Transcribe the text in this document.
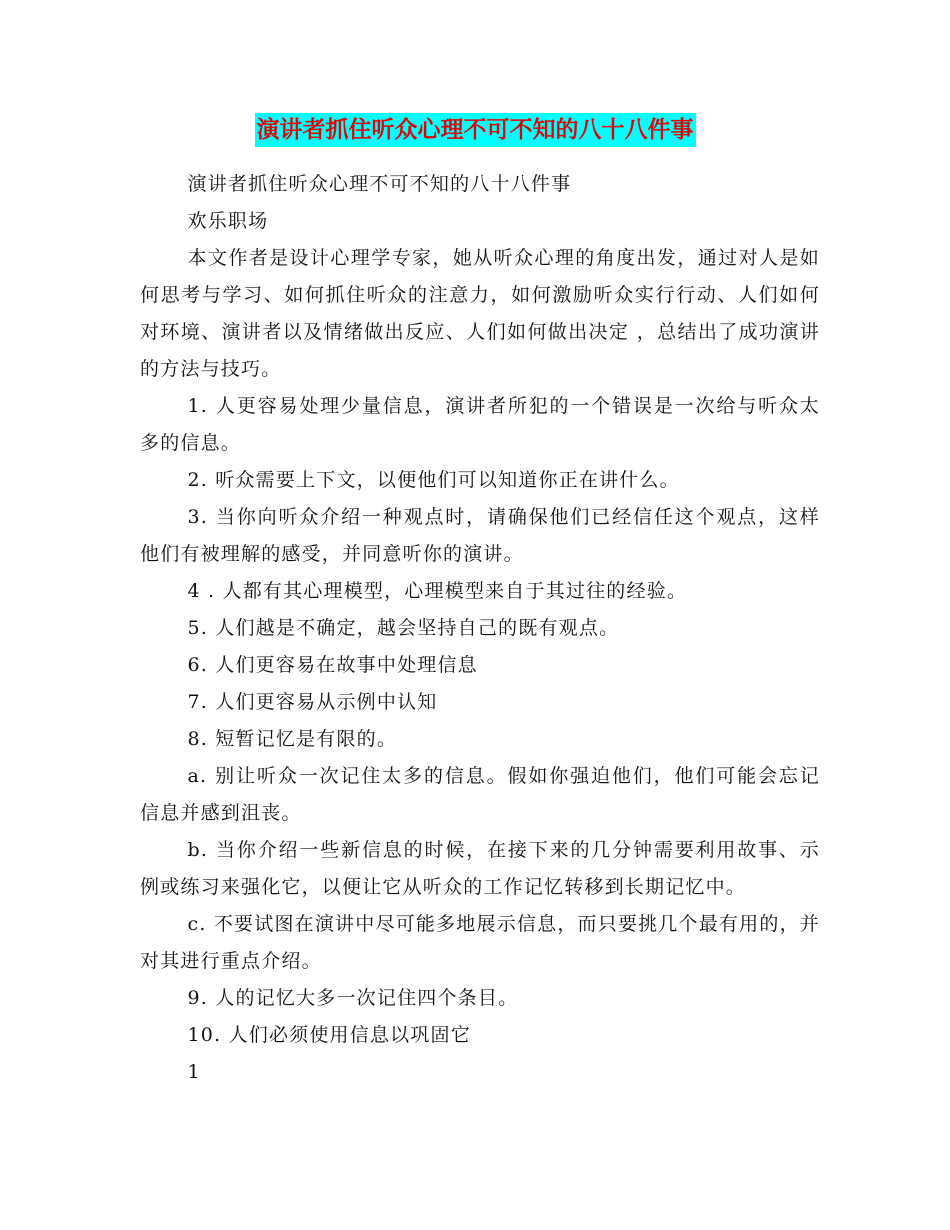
演讲者抓住听众心理不可不知的八十八件事

演讲者抓住听众心理不可不知的八十八件事

欢乐职场

本文作者是设计心理学专家，她从听众心理的角度出发，通过对人是如何思考与学习、如何抓住听众的注意力，如何激励听众实行行动、人们如何对环境、演讲者以及情绪做出反应、人们如何做出决定 ，总结出了成功演讲的方法与技巧。

1. 人更容易处理少量信息，演讲者所犯的一个错误是一次给与听众太多的信息。

2. 听众需要上下文，以便他们可以知道你正在讲什么。

3. 当你向听众介绍一种观点时，请确保他们已经信任这个观点，这样他们有被理解的感受，并同意听你的演讲。

4 . 人都有其心理模型，心理模型来自于其过往的经验。

5. 人们越是不确定，越会坚持自己的既有观点。

6. 人们更容易在故事中处理信息

7. 人们更容易从示例中认知

8. 短暂记忆是有限的。

a. 别让听众一次记住太多的信息。假如你强迫他们，他们可能会忘记信息并感到沮丧。

b. 当你介绍一些新信息的时候，在接下来的几分钟需要利用故事、示例或练习来强化它，以便让它从听众的工作记忆转移到长期记忆中。

c. 不要试图在演讲中尽可能多地展示信息，而只要挑几个最有用的，并对其进行重点介绍。

9. 人的记忆大多一次记住四个条目。

10. 人们必须使用信息以巩固它

1
